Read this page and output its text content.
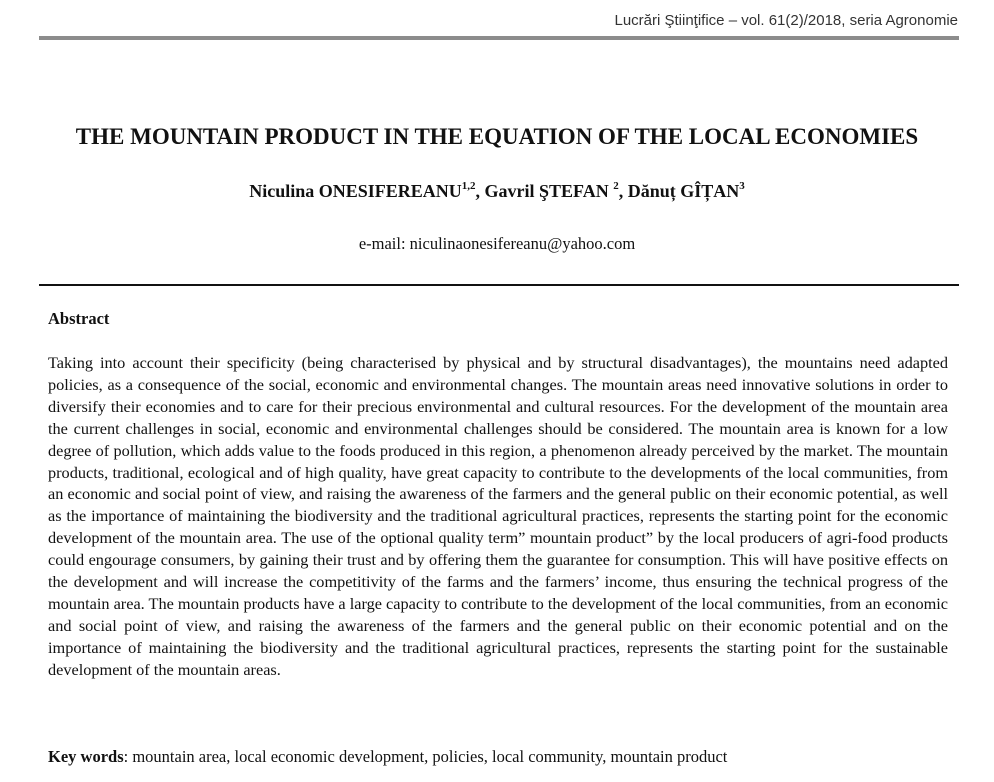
Lucrări Ştiinţifice – vol. 61(2)/2018, seria Agronomie
THE MOUNTAIN PRODUCT IN THE EQUATION OF THE LOCAL ECONOMIES
Niculina ONESIFEREANU$^{1,2}$, Gavril ŞTEFAN $^2$, Dănuț GÎȚAN$^3$
e-mail: niculinaonesifereanu@yahoo.com
Abstract

Taking into account their specificity (being characterised by physical and by structural disadvantages), the mountains need adapted policies, as a consequence of the social, economic and environmental changes. The mountain areas need innovative solutions in order to diversify their economies and to care for their precious environmental and cultural resources. For the development of the mountain area the current challenges in social, economic and environmental challenges should be considered. The mountain area is known for a low degree of pollution, which adds value to the foods produced in this region, a phenomenon already perceived by the market. The mountain products, traditional, ecological and of high quality, have great capacity to contribute to the developments of the local communities, from an economic and social point of view, and raising the awareness of the farmers and the general public on their economic potential, as well as the importance of maintaining the biodiversity and the traditional agricultural practices, represents the starting point for the economic development of the mountain area. The use of the optional quality term” mountain product” by the local producers of agri-food products could engourage consumers, by gaining their trust and by offering them the guarantee for consumption. This will have positive effects on the development and will increase the competitivity of the farms and the farmers’ income, thus ensuring the technical progress of the mountain area. The mountain products have a large capacity to contribute to the development of the local communities, from an economic and social point of view, and raising the awareness of the farmers and the general public on their economic potential and on the importance of maintaining the biodiversity and the traditional agricultural practices, represents the starting point for the sustainable development of the mountain areas.

Key words: mountain area, local economic development, policies, local community, mountain product
